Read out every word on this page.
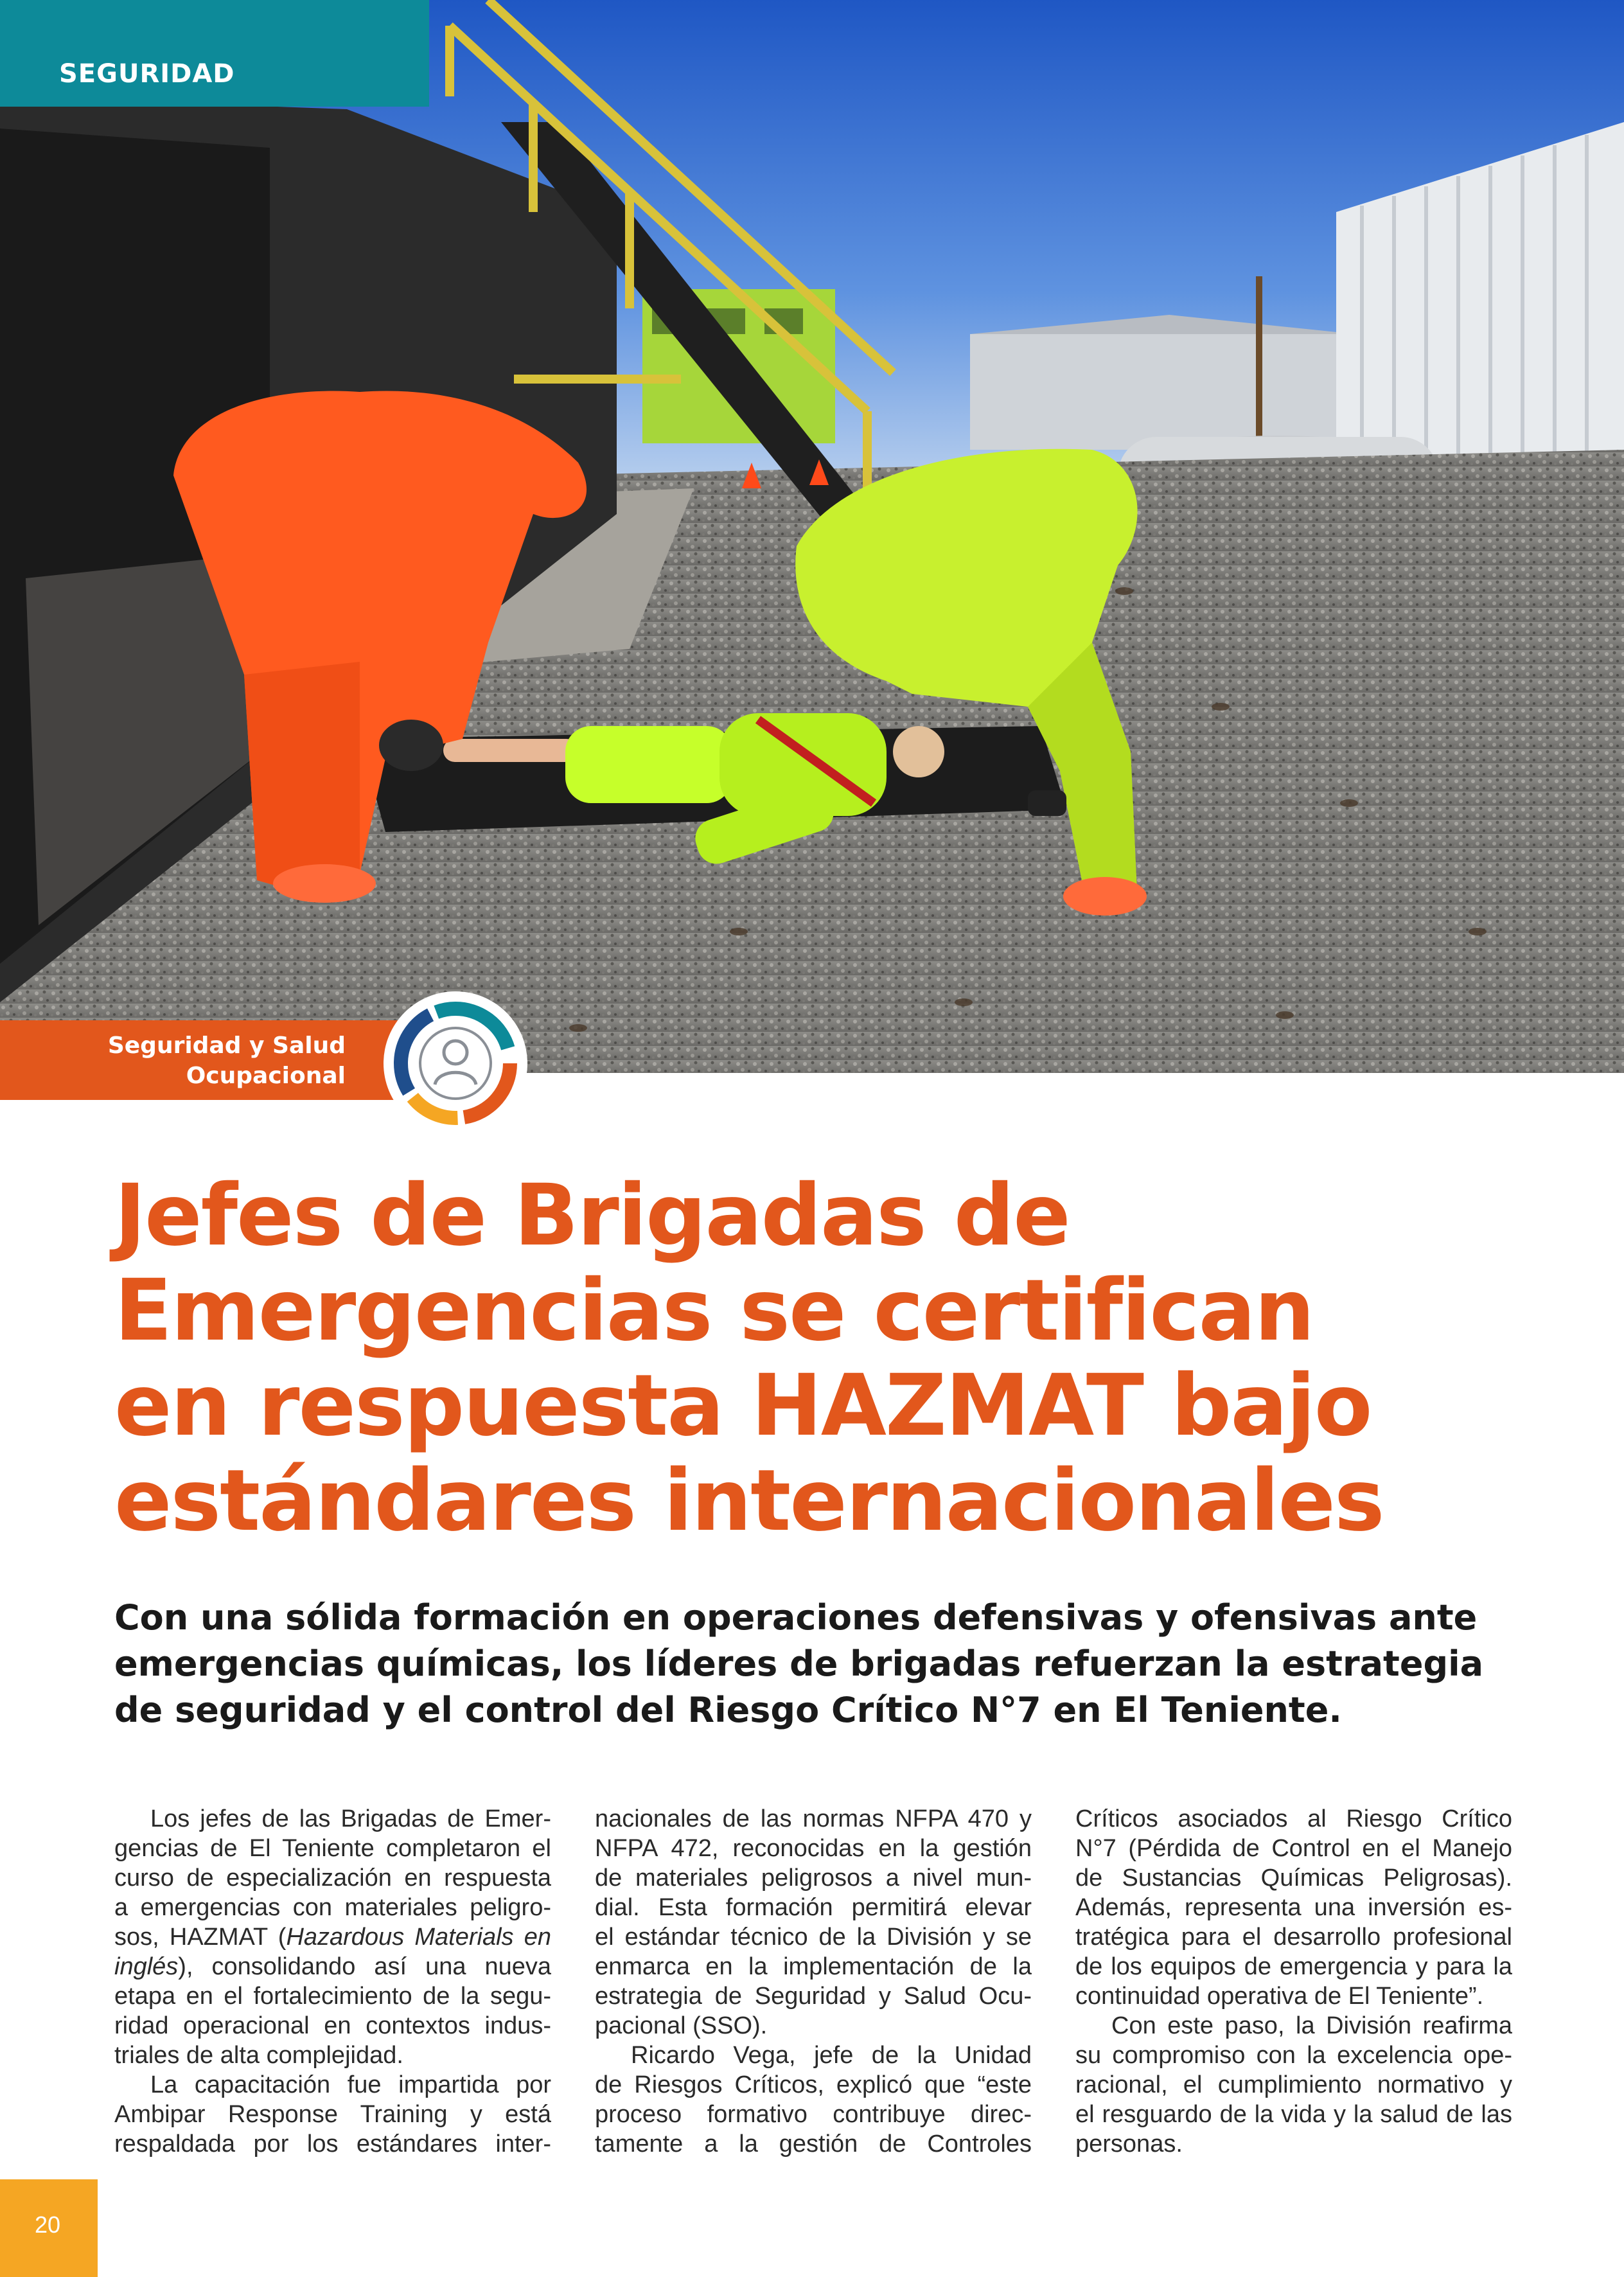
SEGURIDAD
Seguridad y Salud
Ocupacional
Jefes de Brigadas de
Emergencias se certifican
en respuesta HAZMAT bajo
estándares internacionales
Con una sólida formación en operaciones defensivas y ofensivas ante
emergencias químicas, los líderes de brigadas refuerzan la estrategia
de seguridad y el control del Riesgo Crítico N°7 en El Teniente.

Los jefes de las Brigadas de Emer-
gencias de El Teniente completaron el
curso de especialización en respuesta
a emergencias con materiales peligro-
sos, HAZMAT (Hazardous Materials en
inglés), consolidando así una nueva
etapa en el fortalecimiento de la segu-
ridad operacional en contextos indus-
triales de alta complejidad.

La capacitación fue impartida por
Ambipar Response Training y está
respaldada por los estándares inter-

nacionales de las normas NFPA 470 y
NFPA 472, reconocidas en la gestión
de materiales peligrosos a nivel mun-
dial. Esta formación permitirá elevar
el estándar técnico de la División y se
enmarca en la implementación de la
estrategia de Seguridad y Salud Ocu-
pacional (SSO).

Ricardo Vega, jefe de la Unidad
de Riesgos Críticos, explicó que “este
proceso formativo contribuye direc-
tamente a la gestión de Controles

Críticos asociados al Riesgo Crítico
N°7 (Pérdida de Control en el Manejo
de Sustancias Químicas Peligrosas).
Además, representa una inversión es-
tratégica para el desarrollo profesional
de los equipos de emergencia y para la
continuidad operativa de El Teniente”.

Con este paso, la División reafirma
su compromiso con la excelencia ope-
racional, el cumplimiento normativo y
el resguardo de la vida y la salud de las
personas.

20
